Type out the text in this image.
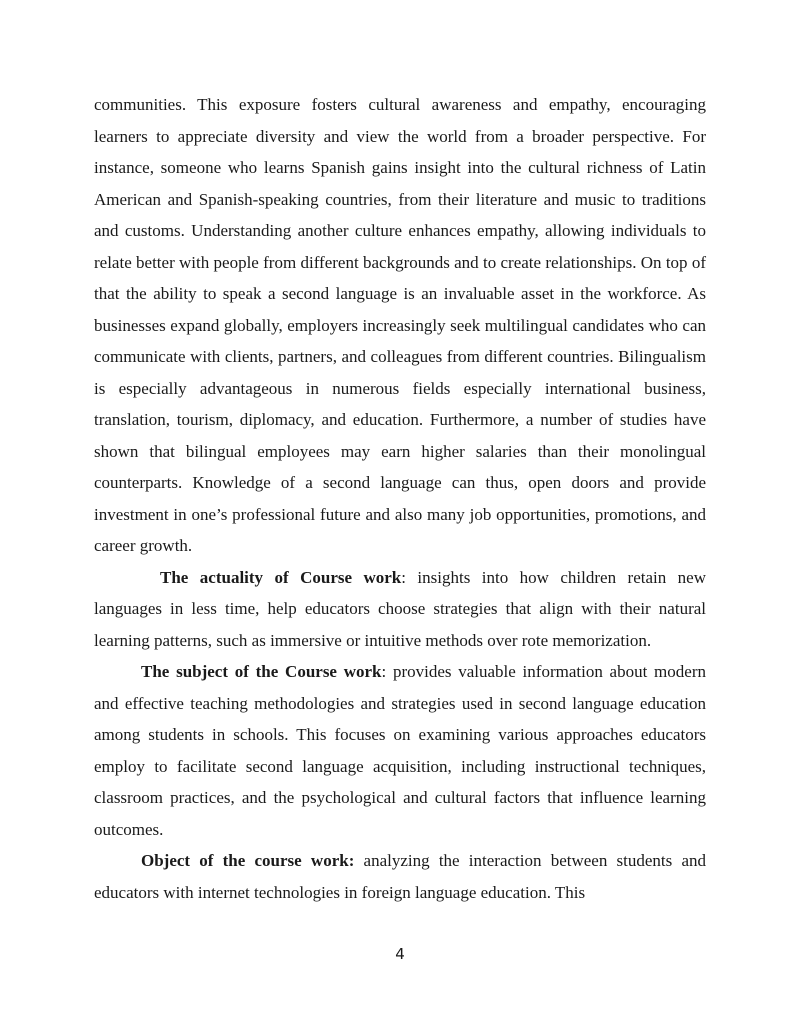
communities. This exposure fosters cultural awareness and empathy, encouraging learners to appreciate diversity and view the world from a broader perspective. For instance, someone who learns Spanish gains insight into the cultural richness of Latin American and Spanish-speaking countries, from their literature and music to traditions and customs. Understanding another culture enhances empathy, allowing individuals to relate better with people from different backgrounds and to create relationships. On top of that the ability to speak a second language is an invaluable asset in the workforce. As businesses expand globally, employers increasingly seek multilingual candidates who can communicate with clients, partners, and colleagues from different countries. Bilingualism is especially advantageous in numerous fields especially international business, translation, tourism, diplomacy, and education. Furthermore, a number of studies have shown that bilingual employees may earn higher salaries than their monolingual counterparts. Knowledge of a second language can thus, open doors and provide investment in one’s professional future and also many job opportunities, promotions, and career growth.

The actuality of Course work: insights into how children retain new languages in less time, help educators choose strategies that align with their natural learning patterns, such as immersive or intuitive methods over rote memorization.

The subject of the Course work: provides valuable information about modern and effective teaching methodologies and strategies used in second language education among students in schools. This focuses on examining various approaches educators employ to facilitate second language acquisition, including instructional techniques, classroom practices, and the psychological and cultural factors that influence learning outcomes.

Object of the course work: analyzing the interaction between students and educators with internet technologies in foreign language education. This

4
